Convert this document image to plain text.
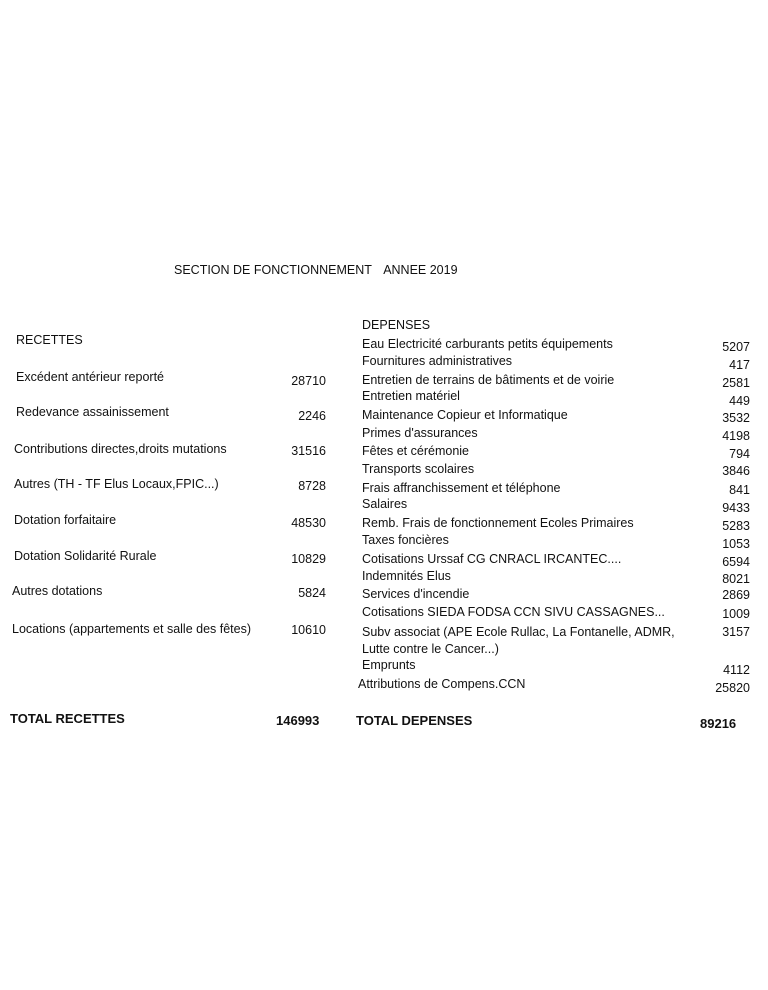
SECTION DE FONCTIONNEMENT ANNEE 2019
RECETTES
Excédent antérieur reporté	28710
Redevance assainissement	2246
Contributions directes,droits mutations	31516
Autres (TH - TF Elus Locaux,FPIC...)	8728
Dotation forfaitaire	48530
Dotation Solidarité Rurale	10829
Autres dotations	5824
Locations (appartements et salle des fêtes)	10610
TOTAL RECETTES	146993
DEPENSES
Eau Electricité carburants petits équipements	5207
Fournitures administratives	417
Entretien de terrains de bâtiments et de voirie	2581
Entretien matériel	449
Maintenance Copieur et Informatique	3532
Primes d'assurances	4198
Fêtes et cérémonie	794
Transports scolaires	3846
Frais affranchissement et téléphone	841
Salaires	9433
Remb. Frais de fonctionnement Ecoles Primaires	5283
Taxes foncières	1053
Cotisations Urssaf CG CNRACL IRCANTEC....	6594
Indemnités Elus	8021
Services d'incendie	2869
Cotisations SIEDA FODSA CCN SIVU CASSAGNES...	1009
Subv associat (APE Ecole Rullac, La Fontanelle, ADMR, Lutte contre le Cancer...)
3157
Emprunts	4112
Attributions de Compens.CCN	25820
TOTAL DEPENSES	89216
